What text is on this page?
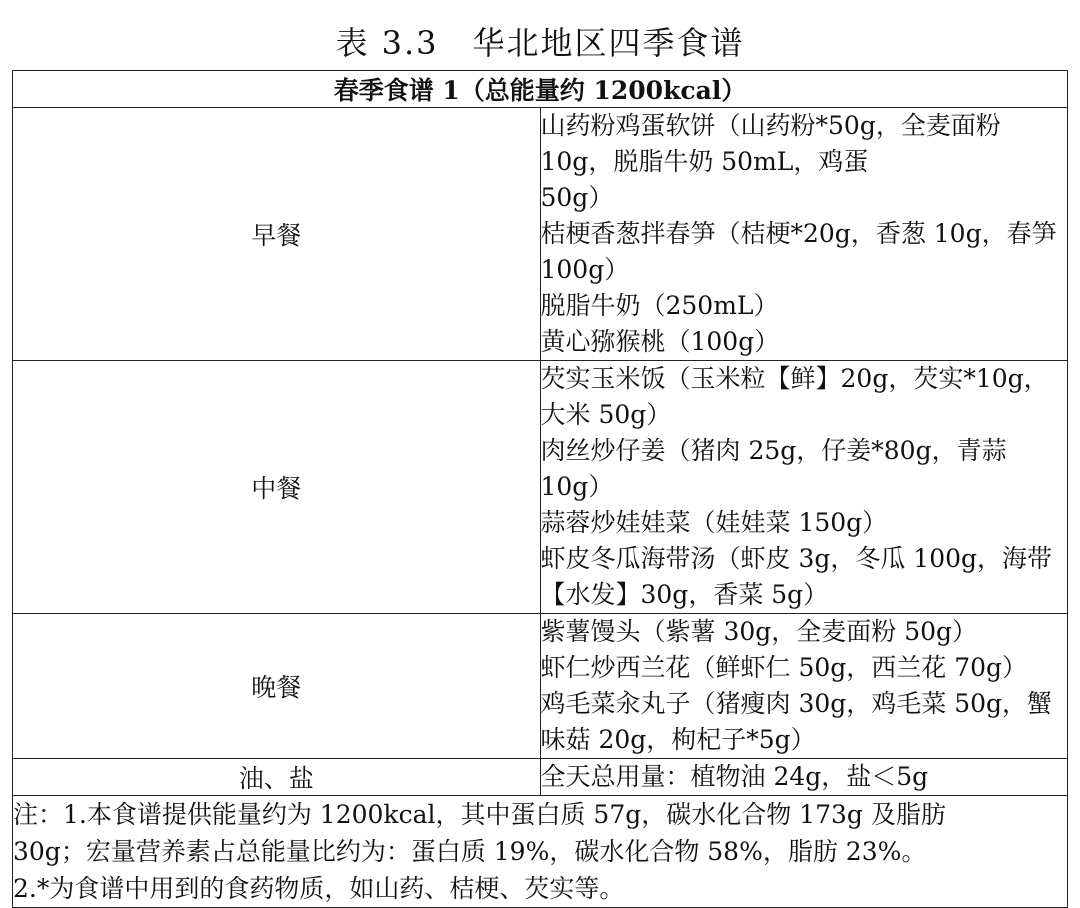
表 3.3　华北地区四季食谱
春季食谱 1（总能量约 1200kcal）	
早餐	山药粉鸡蛋软饼（山药粉*50g，全麦面粉 10g，脱脂牛奶 50mL，鸡蛋
50g）
桔梗香葱拌春笋（桔梗*20g，香葱 10g，春笋 100g）
脱脂牛奶（250mL）
黄心猕猴桃（100g）

中餐	芡实玉米饭（玉米粒【鲜】20g，芡实*10g，大米 50g）
肉丝炒仔姜（猪肉 25g，仔姜*80g，青蒜 10g）
蒜蓉炒娃娃菜（娃娃菜 150g）
虾皮冬瓜海带汤（虾皮 3g，冬瓜 100g，海带【水发】30g，香菜 5g）

晚餐	紫薯馒头（紫薯 30g，全麦面粉 50g）
虾仁炒西兰花（鲜虾仁 50g，西兰花 70g）
鸡毛菜汆丸子（猪瘦肉 30g，鸡毛菜 50g，蟹味菇 20g，枸杞子*5g）

油、盐	全天总用量：植物油 24g，盐＜5g

注：1.本食谱提供能量约为 1200kcal，其中蛋白质 57g，碳水化合物 173g 及脂肪
30g；宏量营养素占总能量比约为：蛋白质 19%，碳水化合物 58%，脂肪 23%。
2.*为食谱中用到的食药物质，如山药、桔梗、芡实等。	
